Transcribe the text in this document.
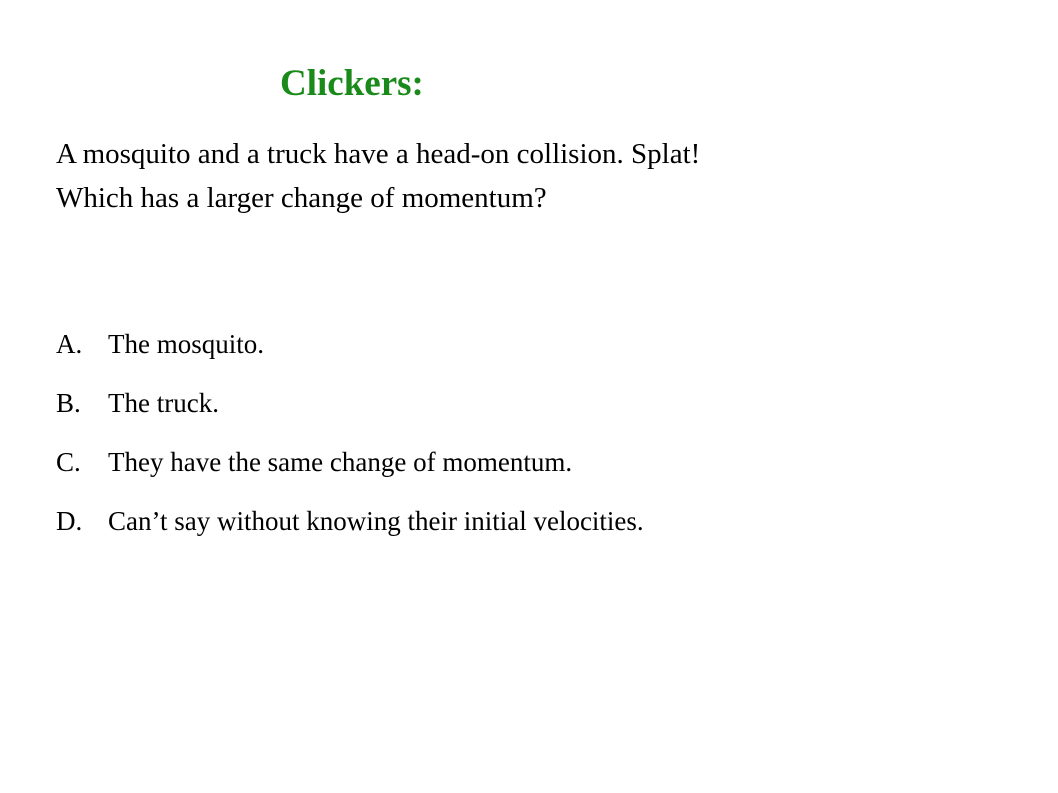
Clickers:
A mosquito and a truck have a head-on collision. Splat!
Which has a larger change of momentum?
A. The mosquito.
B.	The truck.
C.	They have the same change of momentum.
D. Can’t say without knowing their initial velocities.
